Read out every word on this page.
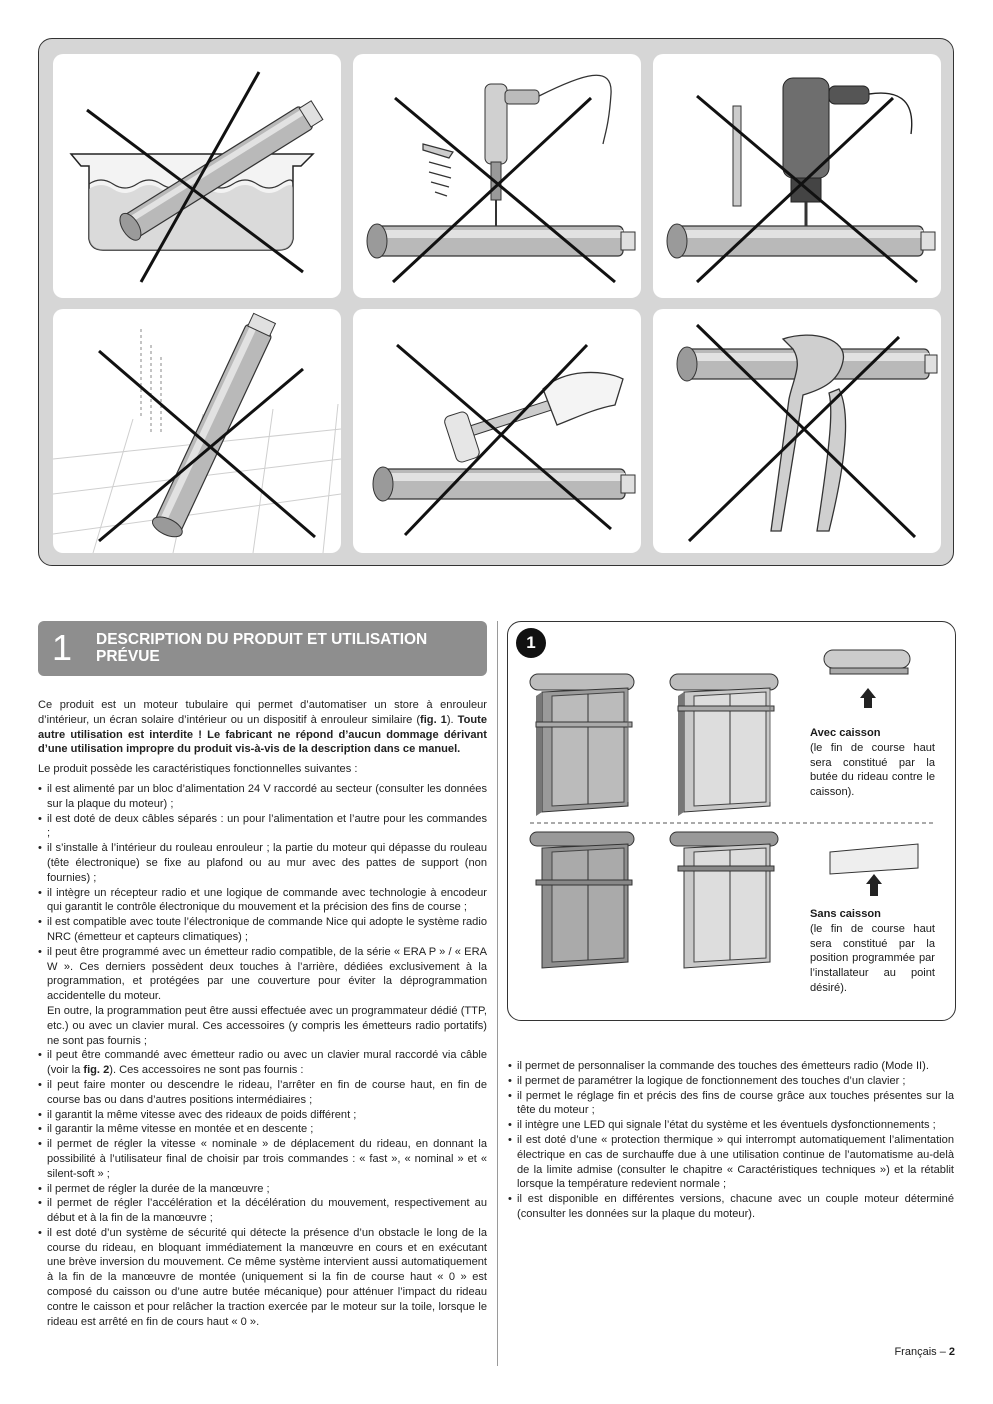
1 DESCRIPTION DU PRODUIT ET UTILISATION PRÉVUE

Ce produit est un moteur tubulaire qui permet d’automatiser un store à enrouleur d’intérieur, un écran solaire d’intérieur ou un dispositif à enrouleur similaire (fig. 1). Toute autre utilisation est interdite ! Le fabricant ne répond d’aucun dommage dérivant d’une utilisation impropre du produit vis-à-vis de la description dans ce manuel.

Le produit possède les caractéristiques fonctionnelles suivantes :

• il est alimenté par un bloc d’alimentation 24 V raccordé au secteur (consulter les données sur la plaque du moteur) ;
• il est doté de deux câbles séparés : un pour l’alimentation et l’autre pour les commandes ;
• il s’installe à l’intérieur du rouleau enrouleur ; la partie du moteur qui dépasse du rouleau (tête électronique) se fixe au plafond ou au mur avec des pattes de support (non fournies) ;
• il intègre un récepteur radio et une logique de commande avec technologie à encodeur qui garantit le contrôle électronique du mouvement et la précision des fins de course ;
• il est compatible avec toute l’électronique de commande Nice qui adopte le système radio NRC (émetteur et capteurs climatiques) ;
• il peut être programmé avec un émetteur radio compatible, de la série « ERA P » / « ERA W ». Ces derniers possèdent deux touches à l’arrière, dédiées exclusivement à la programmation, et protégées par une couverture pour éviter la déprogrammation accidentelle du moteur.
En outre, la programmation peut être aussi effectuée avec un programmateur dédié (TTP, etc.) ou avec un clavier mural. Ces accessoires (y compris les émetteurs radio portatifs) ne sont pas fournis ;
• il peut être commandé avec émetteur radio ou avec un clavier mural raccordé via câble (voir la fig. 2). Ces accessoires ne sont pas fournis :
• il peut faire monter ou descendre le rideau, l’arrêter en fin de course haut, en fin de course bas ou dans d’autres positions intermédiaires ;
• il garantit la même vitesse avec des rideaux de poids différent ;
• il garantir la même vitesse en montée et en descente ;
• il permet de régler la vitesse « nominale » de déplacement du rideau, en donnant la possibilité à l’utilisateur final de choisir par trois commandes : « fast », « nominal » et « silent-soft » ;
• il permet de régler la durée de la manœuvre ;
• il permet de régler l’accélération et la décélération du mouvement, respectivement au début et à la fin de la manœuvre ;
• il est doté d’un système de sécurité qui détecte la présence d’un obstacle le long de la course du rideau, en bloquant immédiatement la manœuvre en cours et en exécutant une brève inversion du mouvement. Ce même système intervient aussi automatiquement à la fin de la manœuvre de montée (uniquement si la fin de course haut « 0 » est composé du caisson ou d’une autre butée mécanique) pour atténuer l’impact du rideau contre le caisson et pour relâcher la traction exercée par le moteur sur la toile, lorsque le rideau est arrêté en fin de cours haut « 0 ».
1
Avec caisson
(le fin de course haut sera constitué par la butée du rideau contre le caisson).
Sans caisson
(le fin de course haut sera constitué par la position programmée par l’installateur au point désiré).
• il permet de personnaliser la commande des touches des émetteurs radio (Mode II).
• il permet de paramétrer la logique de fonctionnement des touches d’un clavier ;
• il permet le réglage fin et précis des fins de course grâce aux touches présentes sur la tête du moteur ;
• il intègre une LED qui signale l’état du système et les éventuels dysfonctionnements ;
• il est doté d’une « protection thermique » qui interrompt automatiquement l’alimentation électrique en cas de surchauffe due à une utilisation continue de l’automatisme au-delà de la limite admise (consulter le chapitre « Caractéristiques techniques ») et la rétablit lorsque la température redevient normale ;
• il est disponible en différentes versions, chacune avec un couple moteur déterminé (consulter les données sur la plaque du moteur).
Français – 2
